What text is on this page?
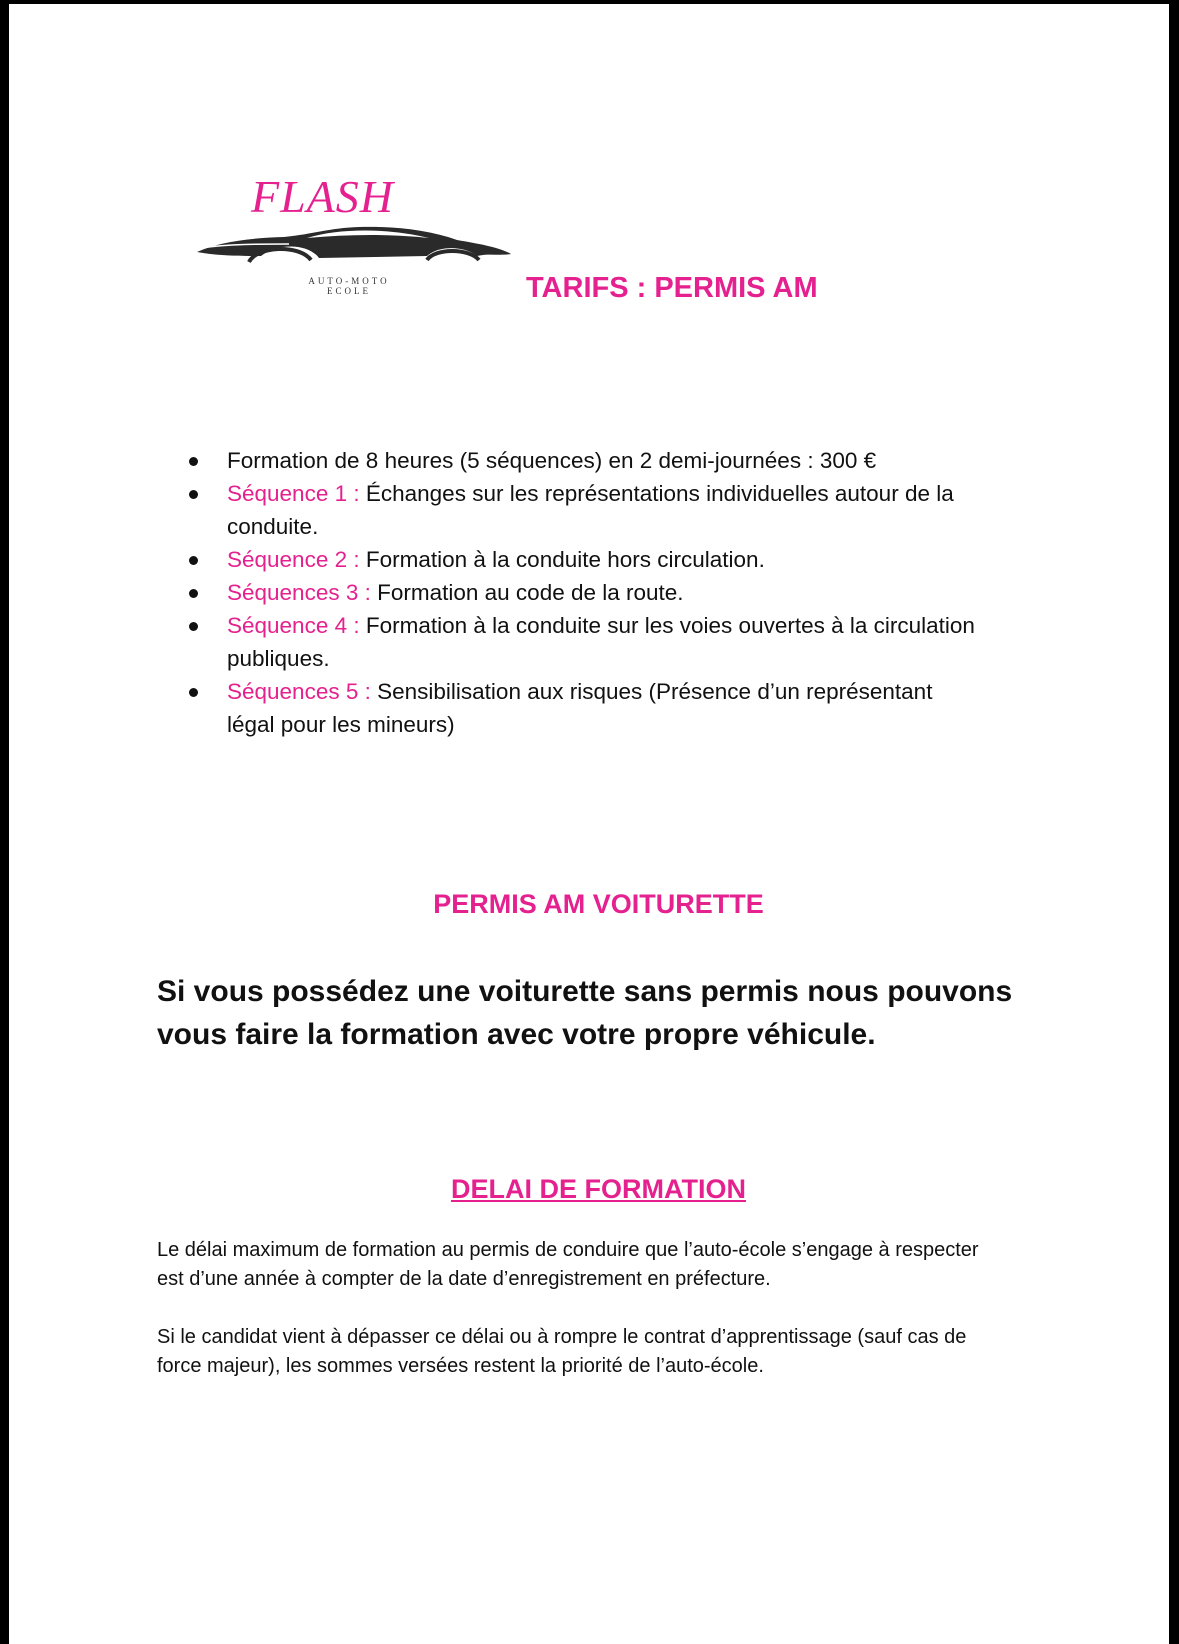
FLASH

AUTO-MOTO
ECOLE	TARIFS : PERMIS AM
Formation de 8 heures (5 séquences) en 2 demi-journées : 300 €
Séquence 1 : Échanges sur les représentations individuelles autour de la
conduite.
Séquence 2 : Formation à la conduite hors circulation.
Séquences 3 : Formation au code de la route.
Séquence 4 : Formation à la conduite sur les voies ouvertes à la circulation
publiques.
Séquences 5 : Sensibilisation aux risques (Présence d’un représentant
légal pour les mineurs)
PERMIS AM VOITURETTE

Si vous possédez une voiturette sans permis nous pouvons
vous faire la formation avec votre propre véhicule.

DELAI DE FORMATION

Le délai maximum de formation au permis de conduire que l’auto-école s’engage à respecter
est d’une année à compter de la date d’enregistrement en préfecture.

Si le candidat vient à dépasser ce délai ou à rompre le contrat d’apprentissage (sauf cas de
force majeur), les sommes versées restent la priorité de l’auto-école.
